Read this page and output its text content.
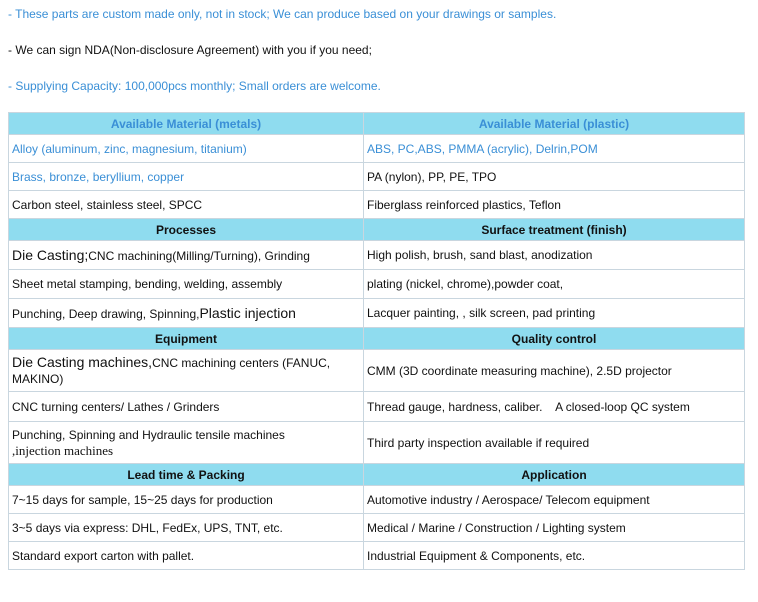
- These parts are custom made only, not in stock; We can produce based on your drawings or samples.
- We can sign NDA(Non-disclosure Agreement) with you if you need;
- Supplying Capacity: 100,000pcs monthly; Small orders are welcome.
Available Material (metals)	Available Material (plastic)
Alloy (aluminum, zinc, magnesium, titanium)	ABS, PC,ABS, PMMA (acrylic), Delrin,POM
Brass, bronze, beryllium, copper	PA (nylon), PP, PE, TPO
Carbon steel, stainless steel, SPCC	Fiberglass reinforced plastics, Teflon
Processes	Surface treatment (finish)
Die Casting;CNC machining(Milling/Turning), Grinding	High polish, brush, sand blast, anodization
Sheet metal stamping, bending, welding, assembly	plating (nickel, chrome),powder coat,
Punching, Deep drawing, Spinning,Plastic injection	Lacquer painting, , silk screen, pad printing
Equipment	Quality control
Die Casting machines,CNC machining centers (FANUC, MAKINO)	CMM (3D coordinate measuring machine), 2.5D projector
CNC turning centers/ Lathes / Grinders	Thread gauge, hardness, caliber.    A closed-loop QC system
Punching, Spinning and Hydraulic tensile machines
,injection machines	Third party inspection available if required
Lead time & Packing	Application
7~15 days for sample, 15~25 days for production	Automotive industry / Aerospace/ Telecom equipment
3~5 days via express: DHL, FedEx, UPS, TNT, etc.	Medical / Marine / Construction / Lighting system
Standard export carton with pallet.	Industrial Equipment & Components, etc.
